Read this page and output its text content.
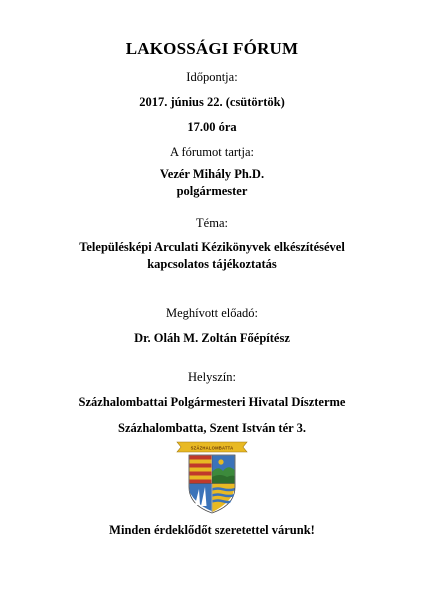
LAKOSSÁGI FÓRUM
Időpontja:
2017. június 22. (csütörtök)
17.00 óra
A fórumot tartja:
Vezér Mihály Ph.D.
polgármester
Téma:
Településképi Arculati Kézikönyvek elkészítésével
kapcsolatos tájékoztatás
Meghívott előadó:
Dr. Oláh M. Zoltán Főépítész
Helyszín:
Százhalombattai Polgármesteri Hivatal Díszterme
Százhalombatta, Szent István tér 3.
SZÁZHALOMBATTA
Minden érdeklődőt szeretettel várunk!
